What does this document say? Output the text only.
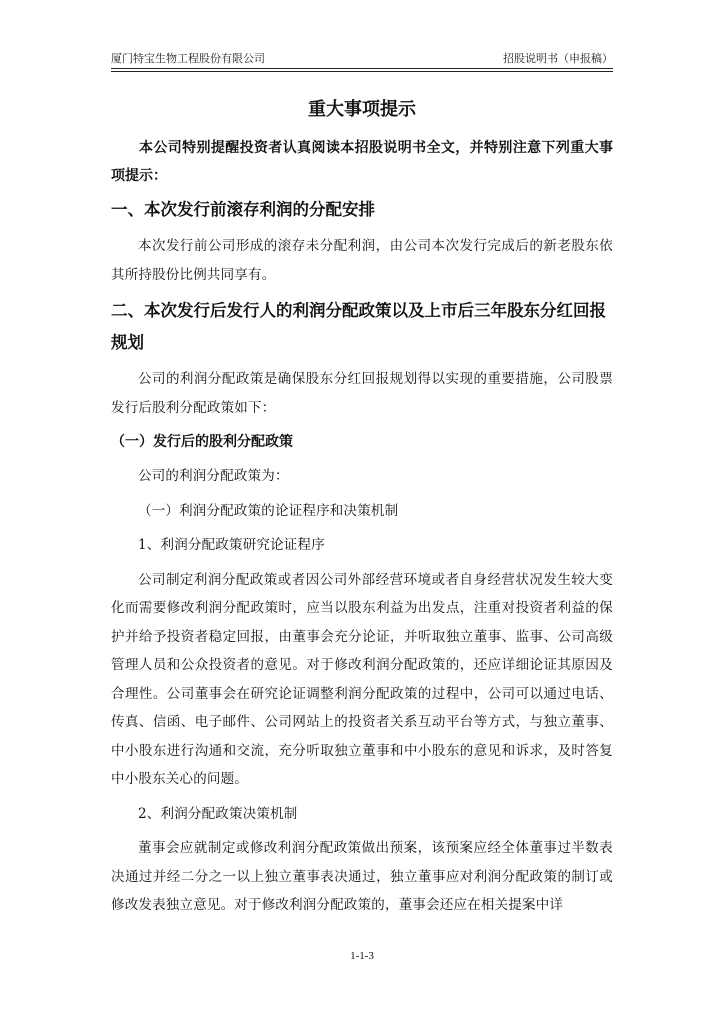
厦门特宝生物工程股份有限公司	招股说明书（申报稿）
重大事项提示

本公司特别提醒投资者认真阅读本招股说明书全文，并特别注意下列重大事项提示：

一、本次发行前滚存利润的分配安排

本次发行前公司形成的滚存未分配利润，由公司本次发行完成后的新老股东依其所持股份比例共同享有。

二、本次发行后发行人的利润分配政策以及上市后三年股东分红回报规划

公司的利润分配政策是确保股东分红回报规划得以实现的重要措施，公司股票发行后股利分配政策如下：

（一）发行后的股利分配政策

公司的利润分配政策为：

（一）利润分配政策的论证程序和决策机制

1、利润分配政策研究论证程序

公司制定利润分配政策或者因公司外部经营环境或者自身经营状况发生较大变化而需要修改利润分配政策时，应当以股东利益为出发点，注重对投资者利益的保护并给予投资者稳定回报，由董事会充分论证，并听取独立董事、监事、公司高级管理人员和公众投资者的意见。对于修改利润分配政策的，还应详细论证其原因及合理性。公司董事会在研究论证调整利润分配政策的过程中，公司可以通过电话、传真、信函、电子邮件、公司网站上的投资者关系互动平台等方式，与独立董事、中小股东进行沟通和交流，充分听取独立董事和中小股东的意见和诉求，及时答复中小股东关心的问题。

2、利润分配政策决策机制

董事会应就制定或修改利润分配政策做出预案，该预案应经全体董事过半数表决通过并经二分之一以上独立董事表决通过，独立董事应对利润分配政策的制订或修改发表独立意见。对于修改利润分配政策的，董事会还应在相关提案中详

1-1-3
